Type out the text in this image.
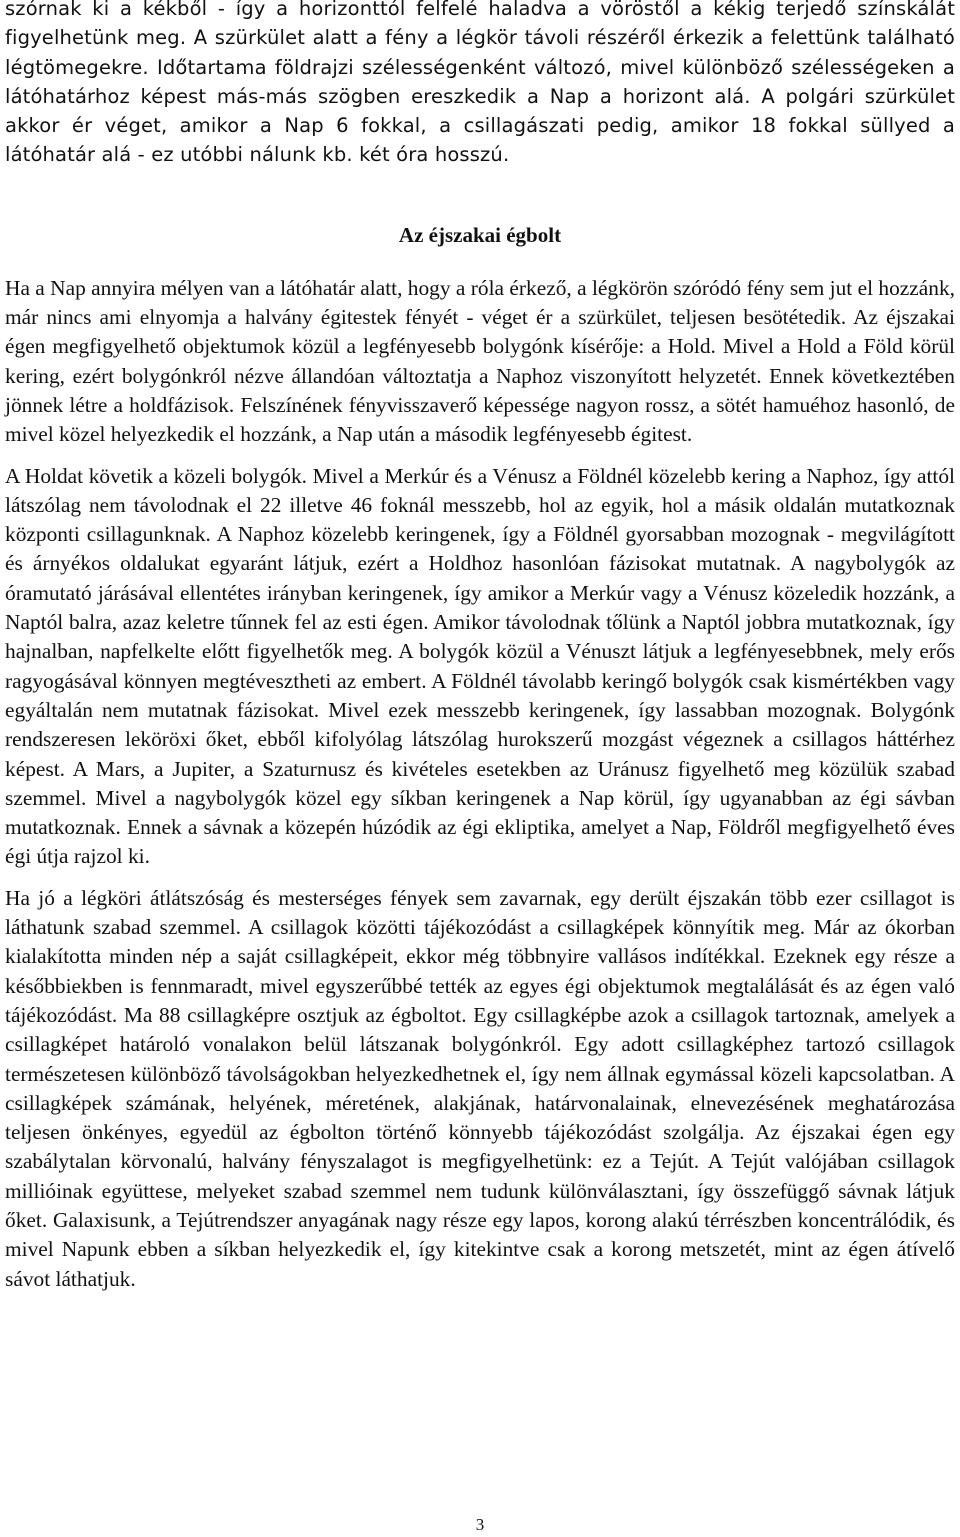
szórnak ki a kékből - így a horizonttól felfelé haladva a vöröstől a kékig terjedő színskálát figyelhetünk meg. A szürkület alatt a fény a légkör távoli részéről érkezik a felettünk található légtömegekre. Időtartama földrajzi szélességenként változó, mivel különböző szélességeken a látóhatárhoz képest más-más szögben ereszkedik a Nap a horizont alá. A polgári szürkület akkor ér véget, amikor a Nap 6 fokkal, a csillagászati pedig, amikor 18 fokkal süllyed a látóhatár alá - ez utóbbi nálunk kb. két óra hosszú.

Az éjszakai égbolt

Ha a Nap annyira mélyen van a látóhatár alatt, hogy a róla érkező, a légkörön szóródó fény sem jut el hozzánk, már nincs ami elnyomja a halvány égitestek fényét - véget ér a szürkület, teljesen besötétedik. Az éjszakai égen megfigyelhető objektumok közül a legfényesebb bolygónk kísérője: a Hold. Mivel a Hold a Föld körül kering, ezért bolygónkról nézve állandóan változtatja a Naphoz viszonyított helyzetét. Ennek következtében jönnek létre a holdfázisok. Felszínének fényvisszaverő képessége nagyon rossz, a sötét hamuéhoz hasonló, de mivel közel helyezkedik el hozzánk, a Nap után a második legfényesebb égitest.

A Holdat követik a közeli bolygók. Mivel a Merkúr és a Vénusz a Földnél közelebb kering a Naphoz, így attól látszólag nem távolodnak el 22 illetve 46 foknál messzebb, hol az egyik, hol a másik oldalán mutatkoznak központi csillagunknak. A Naphoz közelebb keringenek, így a Földnél gyorsabban mozognak - megvilágított és árnyékos oldalukat egyaránt látjuk, ezért a Holdhoz hasonlóan fázisokat mutatnak. A nagybolygók az óramutató járásával ellentétes irányban keringenek, így amikor a Merkúr vagy a Vénusz közeledik hozzánk, a Naptól balra, azaz keletre tűnnek fel az esti égen. Amikor távolodnak tőlünk a Naptól jobbra mutatkoznak, így hajnalban, napfelkelte előtt figyelhetők meg. A bolygók közül a Vénuszt látjuk a legfényesebbnek, mely erős ragyogásával könnyen megtévesztheti az embert. A Földnél távolabb keringő bolygók csak kismértékben vagy egyáltalán nem mutatnak fázisokat. Mivel ezek messzebb keringenek, így lassabban mozognak. Bolygónk rendszeresen leköröxi őket, ebből kifolyólag látszólag hurokszerű mozgást végeznek a csillagos háttérhez képest. A Mars, a Jupiter, a Szaturnusz és kivételes esetekben az Uránusz figyelhető meg közülük szabad szemmel. Mivel a nagybolygók közel egy síkban keringenek a Nap körül, így ugyanabban az égi sávban mutatkoznak. Ennek a sávnak a közepén húzódik az égi ekliptika, amelyet a Nap, Földről megfigyelhető éves égi útja rajzol ki.

Ha jó a légköri átlátszóság és mesterséges fények sem zavarnak, egy derült éjszakán több ezer csillagot is láthatunk szabad szemmel. A csillagok közötti tájékozódást a csillagképek könnyítik meg. Már az ókorban kialakította minden nép a saját csillagképeit, ekkor még többnyire vallásos indítékkal. Ezeknek egy része a későbbiekben is fennmaradt, mivel egyszerűbbé tették az egyes égi objektumok megtalálását és az égen való tájékozódást. Ma 88 csillagképre osztjuk az égboltot. Egy csillagképbe azok a csillagok tartoznak, amelyek a csillagképet határoló vonalakon belül látszanak bolygónkról. Egy adott csillagképhez tartozó csillagok természetesen különböző távolságokban helyezkedhetnek el, így nem állnak egymással közeli kapcsolatban. A csillagképek számának, helyének, méretének, alakjának, határvonalainak, elnevezésének meghatározása teljesen önkényes, egyedül az égbolton történő könnyebb tájékozódást szolgálja. Az éjszakai égen egy szabálytalan körvonalú, halvány fényszalagot is megfigyelhetünk: ez a Tejút. A Tejút valójában csillagok millióinak együttese, melyeket szabad szemmel nem tudunk különválasztani, így összefüggő sávnak látjuk őket. Galaxisunk, a Tejútrendszer anyagának nagy része egy lapos, korong alakú térrészben koncentrálódik, és mivel Napunk ebben a síkban helyezkedik el, így kitekintve csak a korong metszetét, mint az égen átívelő sávot láthatjuk.

3
